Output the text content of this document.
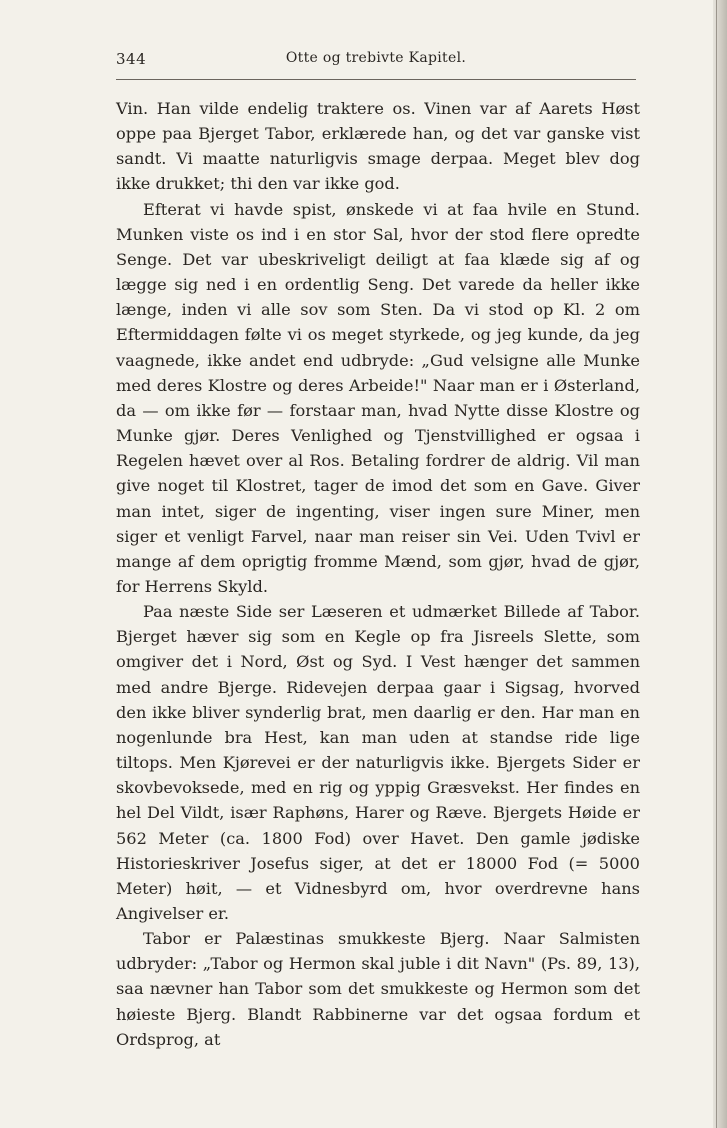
344	Otte og trebivte Kapitel.

Vin. Han vilde endelig traktere os. Vinen var af Aarets Høst oppe paa Bjerget Tabor, erklærede han, og det var ganske vist sandt. Vi maatte naturligvis smage derpaa. Meget blev dog ikke drukket; thi den var ikke god.

Efterat vi havde spist, ønskede vi at faa hvile en Stund. Munken viste os ind i en stor Sal, hvor der stod flere opredte Senge. Det var ubeskriveligt deiligt at faa klæde sig af og lægge sig ned i en ordentlig Seng. Det varede da heller ikke længe, inden vi alle sov som Sten. Da vi stod op Kl. 2 om Eftermiddagen følte vi os meget styrkede, og jeg kunde, da jeg vaagnede, ikke andet end udbryde: „Gud velsigne alle Munke med deres Klostre og deres Arbeide!" Naar man er i Østerland, da — om ikke før — forstaar man, hvad Nytte disse Klostre og Munke gjør. Deres Venlighed og Tjenstvillighed er ogsaa i Regelen hævet over al Ros. Betaling fordrer de aldrig. Vil man give noget til Klostret, tager de imod det som en Gave. Giver man intet, siger de ingenting, viser ingen sure Miner, men siger et venligt Farvel, naar man reiser sin Vei. Uden Tvivl er mange af dem oprigtig fromme Mænd, som gjør, hvad de gjør, for Herrens Skyld.

Paa næste Side ser Læseren et udmærket Billede af Tabor. Bjerget hæver sig som en Kegle op fra Jisreels Slette, som omgiver det i Nord, Øst og Syd. I Vest hænger det sammen med andre Bjerge. Ridevejen derpaa gaar i Sigsag, hvorved den ikke bliver synderlig brat, men daarlig er den. Har man en nogenlunde bra Hest, kan man uden at standse ride lige tiltops. Men Kjørevei er der naturligvis ikke. Bjergets Sider er skovbevoksede, med en rig og yppig Græsvekst. Her findes en hel Del Vildt, især Raphøns, Harer og Ræve. Bjergets Høide er 562 Meter (ca. 1800 Fod) over Havet. Den gamle jødiske Historieskriver Josefus siger, at det er 18000 Fod (= 5000 Meter) høit, — et Vidnesbyrd om, hvor overdrevne hans Angivelser er.

Tabor er Palæstinas smukkeste Bjerg. Naar Salmisten udbryder: „Tabor og Hermon skal juble i dit Navn" (Ps. 89, 13), saa nævner han Tabor som det smukkeste og Hermon som det høieste Bjerg. Blandt Rabbinerne var det ogsaa fordum et Ordsprog, at
